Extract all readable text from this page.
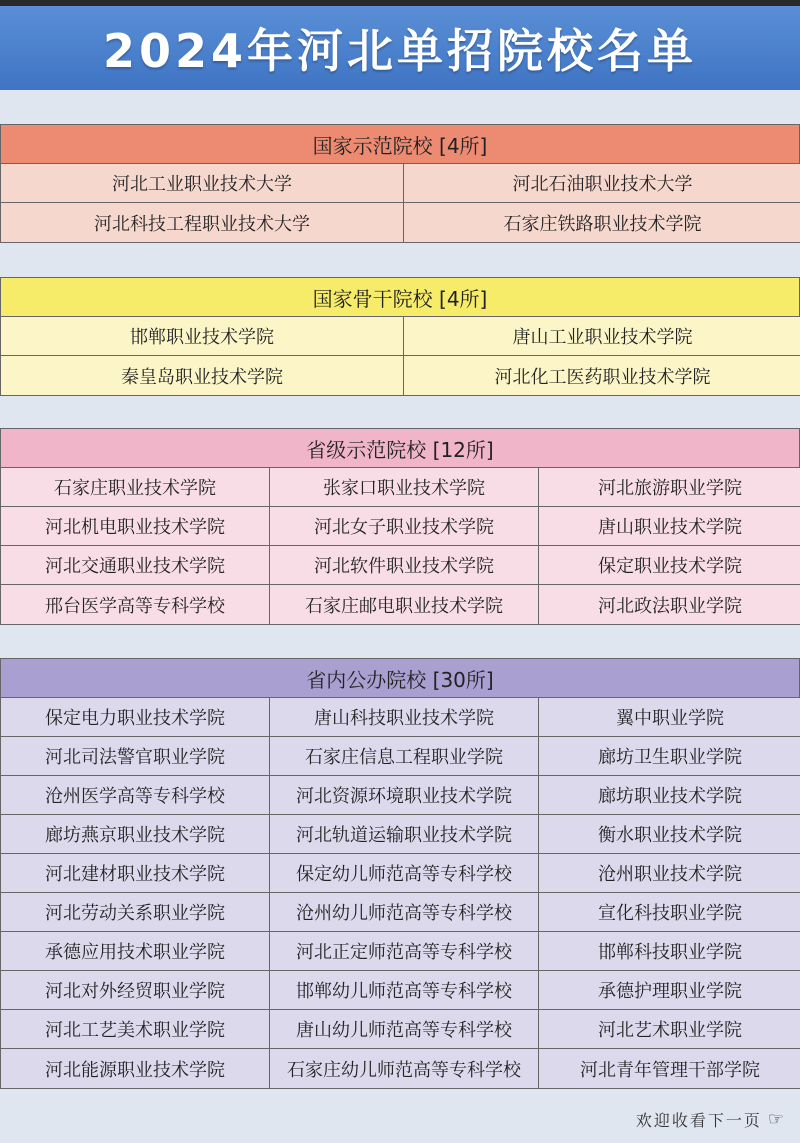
2024年河北单招院校名单
国家示范院校 [4所]
河北工业职业技术大学	河北石油职业技术大学
河北科技工程职业技术大学	石家庄铁路职业技术学院
国家骨干院校 [4所]
邯郸职业技术学院	唐山工业职业技术学院
秦皇岛职业技术学院	河北化工医药职业技术学院
省级示范院校 [12所]
石家庄职业技术学院	张家口职业技术学院	河北旅游职业学院
河北机电职业技术学院	河北女子职业技术学院	唐山职业技术学院
河北交通职业技术学院	河北软件职业技术学院	保定职业技术学院
邢台医学高等专科学校	石家庄邮电职业技术学院	河北政法职业学院
省内公办院校 [30所]
保定电力职业技术学院	唐山科技职业技术学院	翼中职业学院
河北司法警官职业学院	石家庄信息工程职业学院	廊坊卫生职业学院
沧州医学高等专科学校	河北资源环境职业技术学院	廊坊职业技术学院
廊坊燕京职业技术学院	河北轨道运输职业技术学院	衡水职业技术学院
河北建材职业技术学院	保定幼儿师范高等专科学校	沧州职业技术学院
河北劳动关系职业学院	沧州幼儿师范高等专科学校	宣化科技职业学院
承德应用技术职业学院	河北正定师范高等专科学校	邯郸科技职业学院
河北对外经贸职业学院	邯郸幼儿师范高等专科学校	承德护理职业学院
河北工艺美术职业学院	唐山幼儿师范高等专科学校	河北艺术职业学院
河北能源职业技术学院	石家庄幼儿师范高等专科学校	河北青年管理干部学院
欢迎收看下一页 ☞
